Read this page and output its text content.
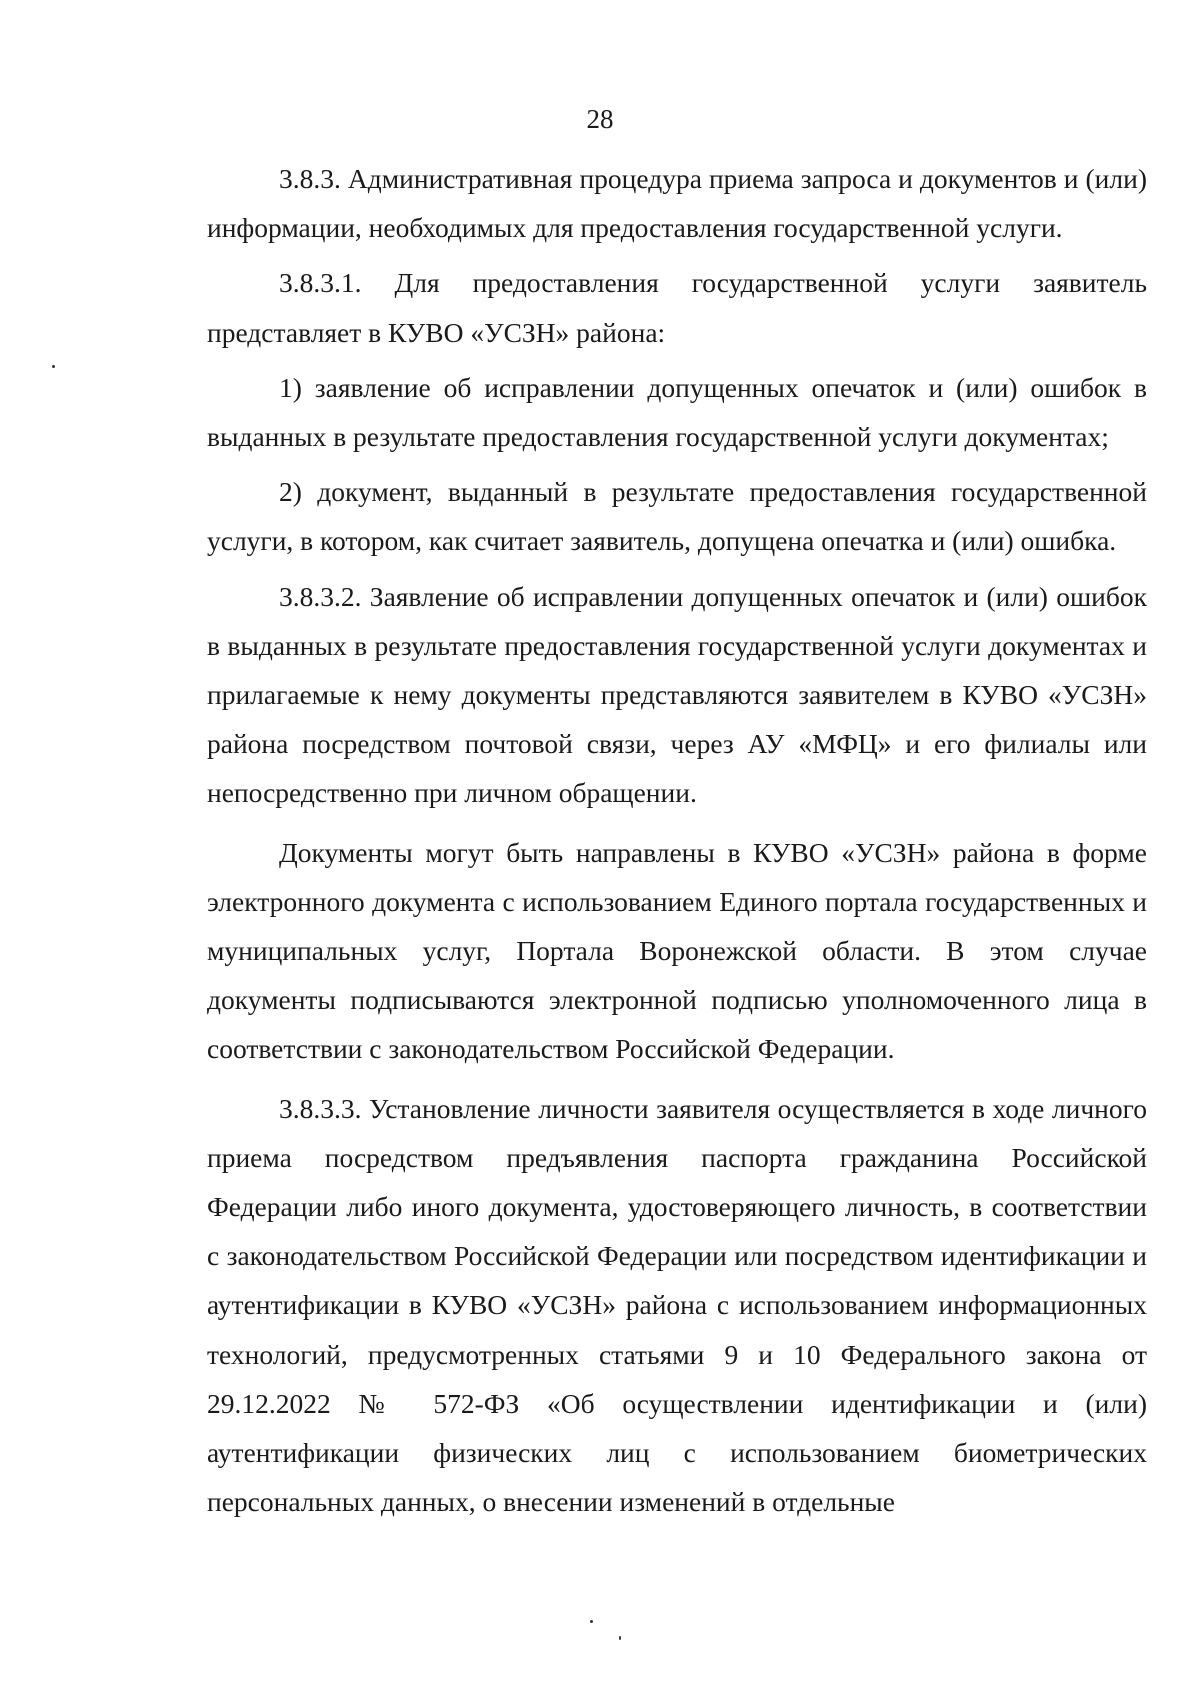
28

3.8.3. Административная процедура приема запроса и документов и (или) информации, необходимых для предоставления государственной услуги.

3.8.3.1. Для предоставления государственной услуги заявитель представляет в КУВО «УСЗН» района:

1) заявление об исправлении допущенных опечаток и (или) ошибок в выданных в результате предоставления государственной услуги документах;

2) документ, выданный в результате предоставления государственной услуги, в котором, как считает заявитель, допущена опечатка и (или) ошибка.

3.8.3.2. Заявление об исправлении допущенных опечаток и (или) ошибок в выданных в результате предоставления государственной услуги документах и прилагаемые к нему документы представляются заявителем в КУВО «УСЗН» района посредством почтовой связи, через АУ «МФЦ» и его филиалы или непосредственно при личном обращении.

Документы могут быть направлены в КУВО «УСЗН» района в форме электронного документа с использованием Единого портала государственных и муниципальных услуг, Портала Воронежской области. В этом случае документы подписываются электронной подписью уполномоченного лица в соответствии с законодательством Российской Федерации.

3.8.3.3. Установление личности заявителя осуществляется в ходе личного приема посредством предъявления паспорта гражданина Российской Федерации либо иного документа, удостоверяющего личность, в соответствии с законодательством Российской Федерации или посредством идентификации и аутентификации в КУВО «УСЗН» района с использованием информационных технологий, предусмотренных статьями 9 и 10 Федерального закона от 29.12.2022 № 572-ФЗ «Об осуществлении идентификации и (или) аутентификации физических лиц с использованием биометрических персональных данных, о внесении изменений в отдельные
